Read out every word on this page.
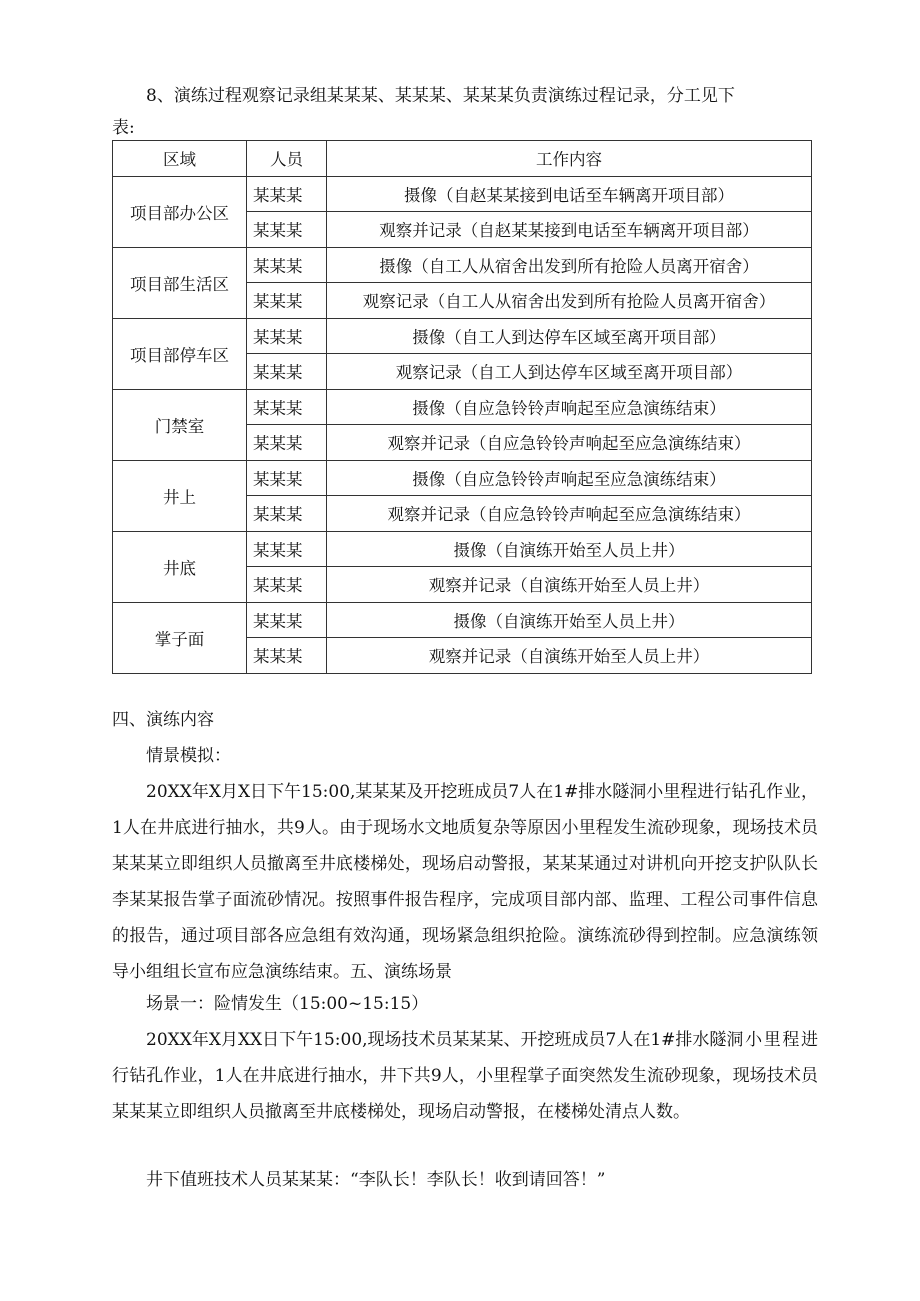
8、演练过程观察记录组某某某、某某某、某某某负责演练过程记录，分工见下
表:
区域	人员	工作内容
项目部办公区	某某某	摄像（自赵某某接到电话至车辆离开项目部）
	某某某	观察并记录（自赵某某接到电话至车辆离开项目部）
项目部生活区	某某某	摄像（自工人从宿舍出发到所有抢险人员离开宿舍）
	某某某	观察记录（自工人从宿舍出发到所有抢险人员离开宿舍）
项目部停车区	某某某	摄像（自工人到达停车区域至离开项目部）
	某某某	观察记录（自工人到达停车区域至离开项目部）
门禁室	某某某	摄像（自应急铃铃声响起至应急演练结束）
	某某某	观察并记录（自应急铃铃声响起至应急演练结束）
井上	某某某	摄像（自应急铃铃声响起至应急演练结束）
	某某某	观察并记录（自应急铃铃声响起至应急演练结束）
井底	某某某	摄像（自演练开始至人员上井）
	某某某	观察并记录（自演练开始至人员上井）
掌子面	某某某	摄像（自演练开始至人员上井）
	某某某	观察并记录（自演练开始至人员上井）
四、演练内容
情景模拟：
20XX年X月X日下午15:00,某某某及开挖班成员7人在1#排水隧洞小里程进行钻孔作业，1人在井底进行抽水，共9人。由于现场水文地质复杂等原因小里程发生流砂现象，现场技术员某某某立即组织人员撤离至井底楼梯处，现场启动警报，某某某通过对讲机向开挖支护队队长李某某报告掌子面流砂情况。按照事件报告程序，完成项目部内部、监理、工程公司事件信息的报告，通过项目部各应急组有效沟通，现场紧急组织抢险。演练流砂得到控制。应急演练领导小组组长宣布应急演练结束。五、演练场景
场景一：险情发生（15:00~15:15）
20XX年X月XX日下午15:00,现场技术员某某某、开挖班成员7人在1#排水隧洞小里程进行钻孔作业，1人在井底进行抽水，井下共9人，小里程掌子面突然发生流砂现象，现场技术员某某某立即组织人员撤离至井底楼梯处，现场启动警报，在楼梯处清点人数。
井下值班技术人员某某某：“李队长！李队长！收到请回答！”
